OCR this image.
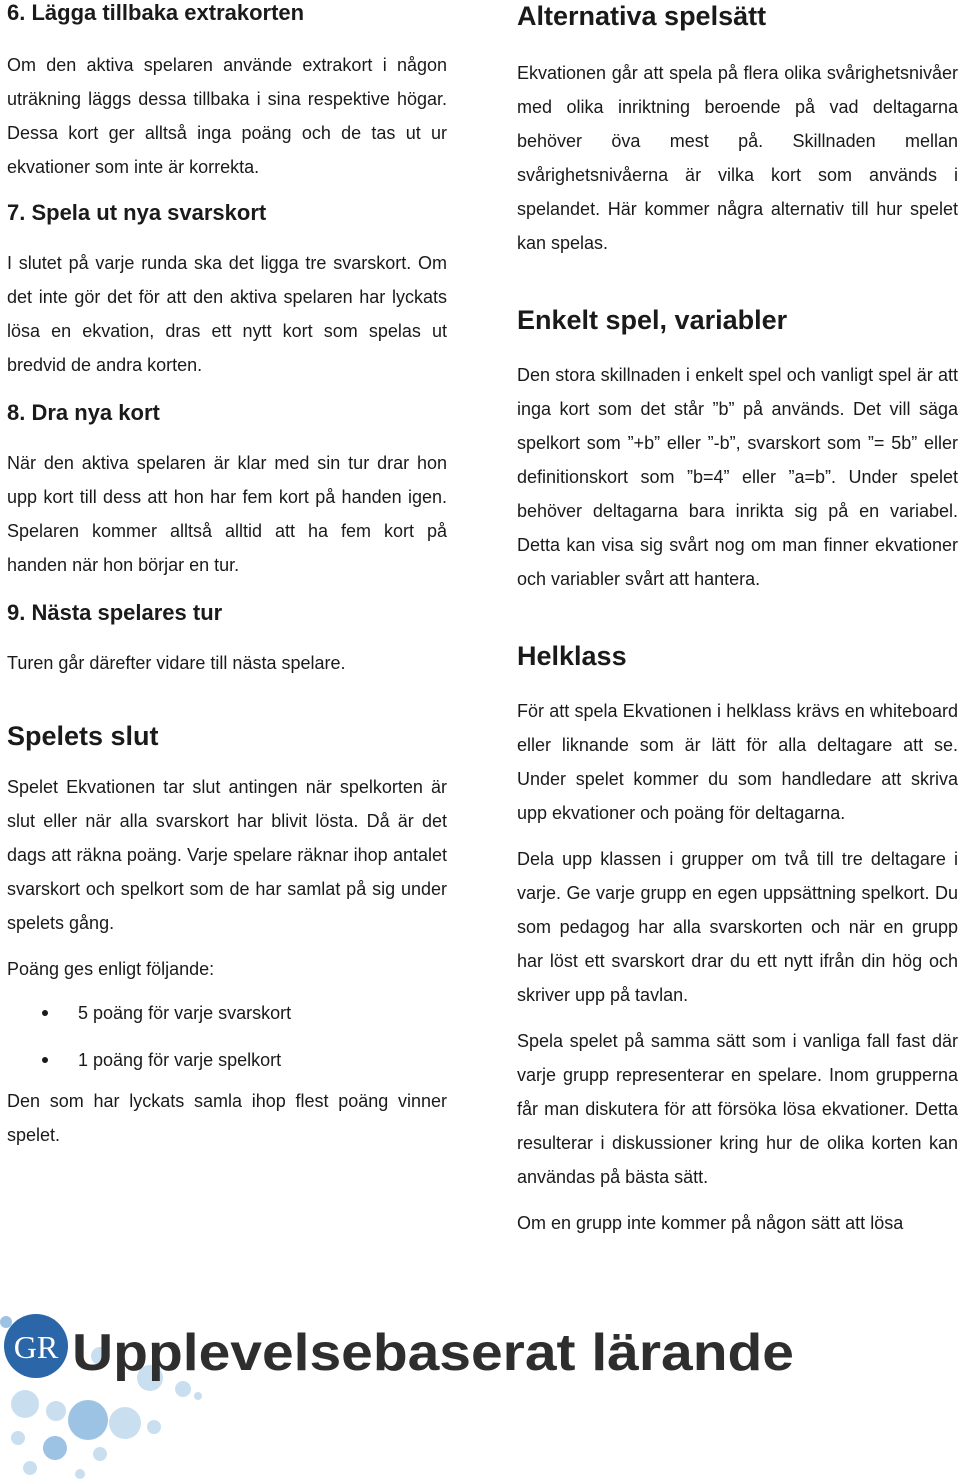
6. Lägga tillbaka extrakorten

Om den aktiva spelaren använde extrakort i någon uträkning läggs dessa tillbaka i sina respektive högar. Dessa kort ger alltså inga poäng och de tas ut ur ekvationer som inte är korrekta.

7. Spela ut nya svarskort

I slutet på varje runda ska det ligga tre svarskort. Om det inte gör det för att den aktiva spelaren har lyckats lösa en ekvation, dras ett nytt kort som spelas ut bredvid de andra korten.

8. Dra nya kort

När den aktiva spelaren är klar med sin tur drar hon upp kort till dess att hon har fem kort på handen igen. Spelaren kommer alltså alltid att ha fem kort på handen när hon börjar en tur.

9. Nästa spelares tur

Turen går därefter vidare till nästa spelare.

Spelets slut

Spelet Ekvationen tar slut antingen när spelkorten är slut eller när alla svarskort har blivit lösta. Då är det dags att räkna poäng. Varje spelare räknar ihop antalet svarskort och spelkort som de har samlat på sig under spelets gång.

Poäng ges enligt följande:

5 poäng för varje svarskort
1 poäng för varje spelkort

Den som har lyckats samla ihop flest poäng vinner spelet.

Alternativa spelsätt

Ekvationen går att spela på flera olika svårighetsnivåer med olika inriktning beroende på vad deltagarna behöver öva mest på. Skillnaden mellan svårighetsnivåerna är vilka kort som används i spelandet. Här kommer några alternativ till hur spelet kan spelas.

Enkelt spel, variabler

Den stora skillnaden i enkelt spel och vanligt spel är att inga kort som det står ”b” på används. Det vill säga spelkort som ”+b” eller ”-b”, svarskort som ”= 5b” eller definitionskort som ”b=4” eller ”a=b”. Under spelet behöver deltagarna bara inrikta sig på en variabel. Detta kan visa sig svårt nog om man finner ekvationer och variabler svårt att hantera.

Helklass

För att spela Ekvationen i helklass krävs en whiteboard eller liknande som är lätt för alla deltagare att se. Under spelet kommer du som handledare att skriva upp ekvationer och poäng för deltagarna.

Dela upp klassen i grupper om två till tre deltagare i varje. Ge varje grupp en egen uppsättning spelkort. Du som pedagog har alla svarskorten och när en grupp har löst ett svarskort drar du ett nytt ifrån din hög och skriver upp på tavlan.

Spela spelet på samma sätt som i vanliga fall fast där varje grupp representerar en spelare. Inom grupperna får man diskutera för att försöka lösa ekvationer. Detta resulterar i diskussioner kring hur de olika korten kan användas på bästa sätt.

Om en grupp inte kommer på någon sätt att lösa

GR Upplevelsebaserat lärande
